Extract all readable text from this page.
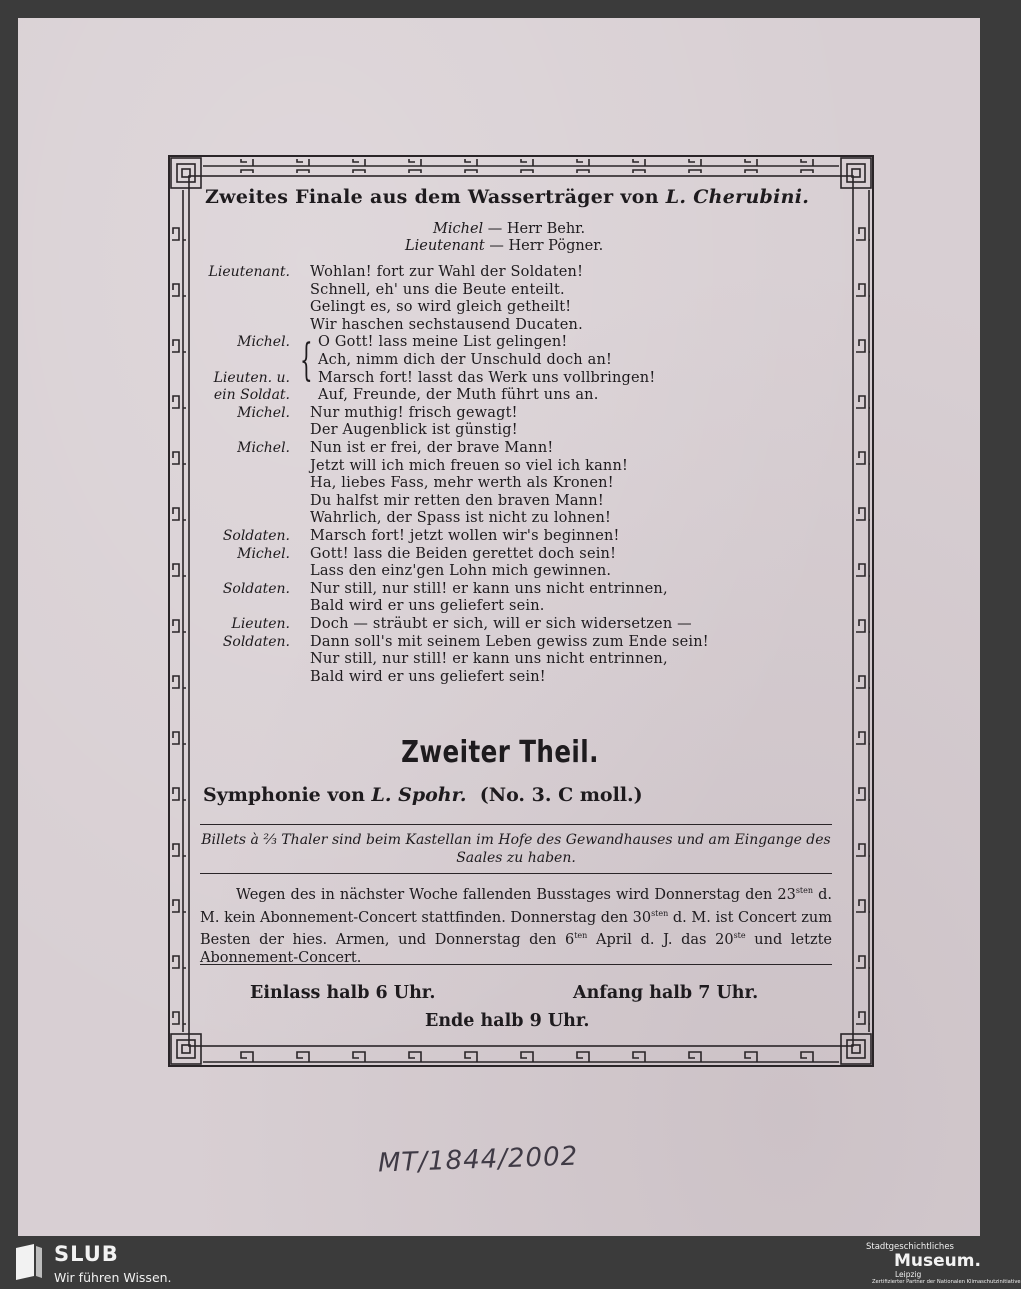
Zweites Finale aus dem Wasserträger von L. Cherubini.
Michel — Herr Behr.
Lieutenant — Herr Pögner.
Lieutenant. Wohlan! fort zur Wahl der Soldaten!
Schnell, eh' uns die Beute enteilt.
Gelingt es, so wird gleich getheilt!
Wir haschen sechstausend Ducaten.
Michel. O Gott! lass meine List gelingen!
Ach, nimm dich der Unschuld doch an!
Lieuten. u. Marsch fort! lasst das Werk uns vollbringen!
ein Soldat. Auf, Freunde, der Muth führt uns an.
Michel. Nur muthig! frisch gewagt!
Der Augenblick ist günstig!
Michel. Nun ist er frei, der brave Mann!
Jetzt will ich mich freuen so viel ich kann!
Ha, liebes Fass, mehr werth als Kronen!
Du halfst mir retten den braven Mann!
Wahrlich, der Spass ist nicht zu lohnen!
Soldaten. Marsch fort! jetzt wollen wir's beginnen!
Michel. Gott! lass die Beiden gerettet doch sein!
Lass den einz'gen Lohn mich gewinnen.
Soldaten. Nur still, nur still! er kann uns nicht entrinnen,
Bald wird er uns geliefert sein.
Lieuten. Doch — sträubt er sich, will er sich widersetzen —
Soldaten. Dann soll's mit seinem Leben gewiss zum Ende sein!
Nur still, nur still! er kann uns nicht entrinnen,
Bald wird er uns geliefert sein!
{
Zweiter Theil.
Symphonie von L. Spohr.  (No. 3. C moll.)
Billets à ⅔ Thaler sind beim Kastellan im Hofe des Gewandhauses und am Eingange des Saales zu haben.
Wegen des in nächster Woche fallenden Busstages wird Donnerstag den $23^{sten}$ d. M. kein Abonnement-Concert stattfinden. Donnerstag den $30^{sten}$ d. M. ist Concert zum Besten der hies. Armen, und Donnerstag den $6^{ten}$ April d. J. das 20ste und letzte Abonnement-Concert.
Einlass halb 6 Uhr.	Anfang halb 7 Uhr.
Ende halb 9 Uhr.
MT/1844/2002
SLUB
Wir führen Wissen.
Stadtgeschichtliches
Museum.
Leipzig
Zertifizierter Partner der Nationalen Klimaschutzinitiative
